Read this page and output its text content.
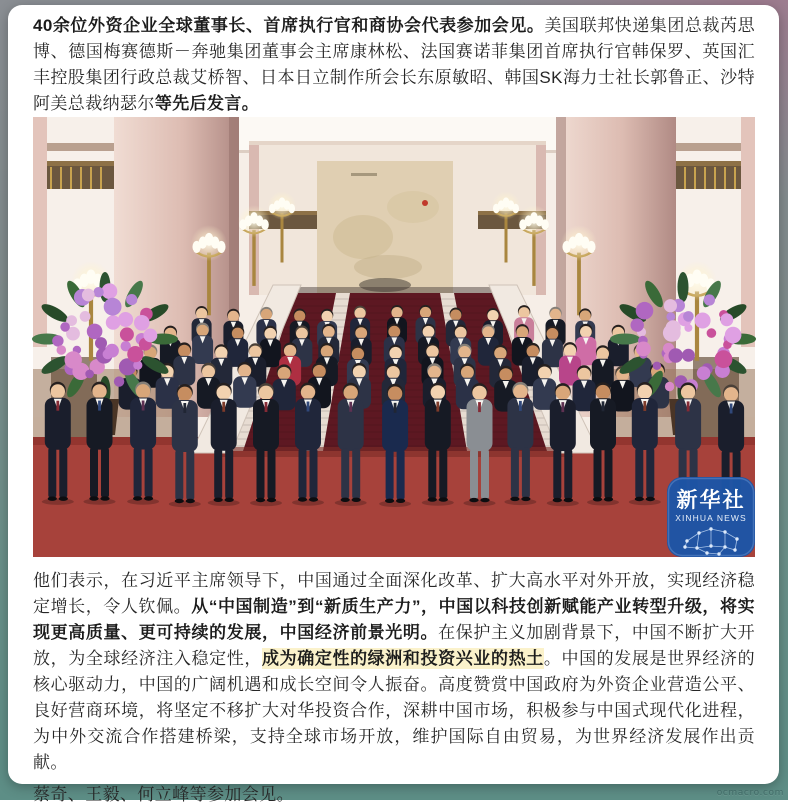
40余位外资企业全球董事长、首席执行官和商协会代表参加会见。美国联邦快递集团总裁芮思博、德国梅赛德斯－奔驰集团董事会主席康林松、法国赛诺菲集团首席执行官韩保罗、英国汇丰控股集团行政总裁艾桥智、日本日立制作所会长东原敏昭、韩国SK海力士社长郭鲁正、沙特阿美总裁纳瑟尔等先后发言。

新华社
XINHUA NEWS

他们表示，在习近平主席领导下，中国通过全面深化改革、扩大高水平对外开放，实现经济稳定增长，令人钦佩。从“中国制造”到“新质生产力”，中国以科技创新赋能产业转型升级，将实现更高质量、更可持续的发展，中国经济前景光明。在保护主义加剧背景下，中国不断扩大开放，为全球经济注入稳定性，成为确定性的绿洲和投资兴业的热土。中国的发展是世界经济的核心驱动力，中国的广阔机遇和成长空间令人振奋。高度赞赏中国政府为外资企业营造公平、良好营商环境，将坚定不移扩大对华投资合作，深耕中国市场，积极参与中国式现代化进程，为中外交流合作搭建桥梁，支持全球市场开放，维护国际自由贸易，为世界经济发展作出贡献。

蔡奇、王毅、何立峰等参加会见。	ocmacro.com
